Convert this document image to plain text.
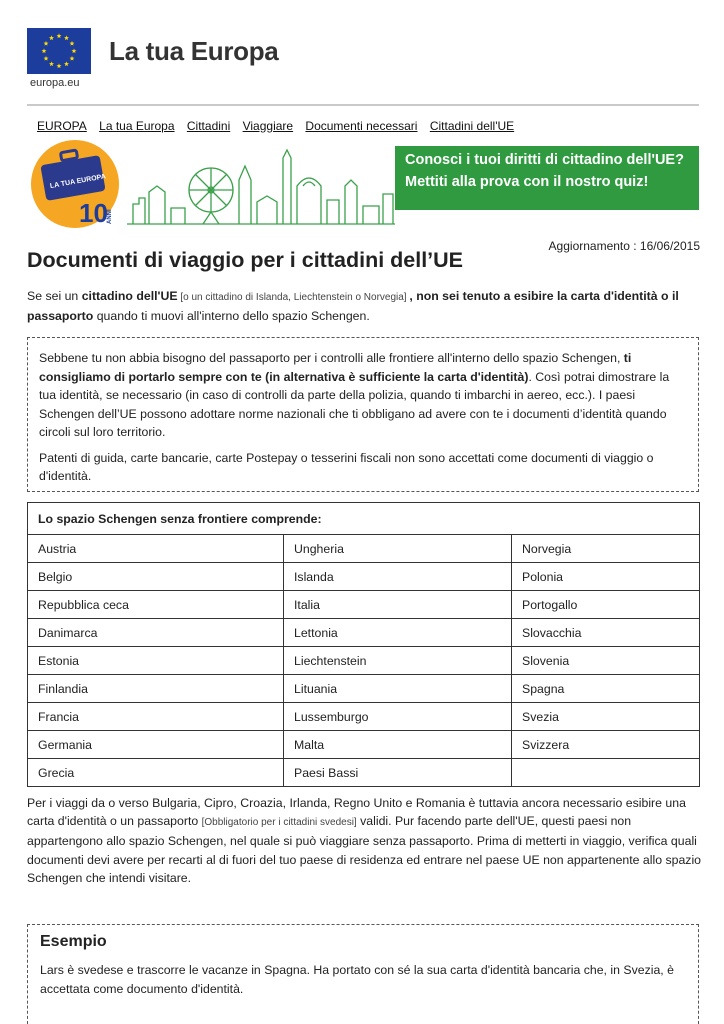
europa.eu
La tua Europa
EUROPA La tua Europa Cittadini Viaggiare Documenti necessari Cittadini dell'UE
LA TUA EUROPA
10 ANNI
Conosci i tuoi diritti di cittadino dell'UE?
Mettiti alla prova con il nostro quiz!
Aggiornamento : 16/06/2015
Documenti di viaggio per i cittadini dell’UE
Se sei un cittadino dell'UE [o un cittadino di Islanda, Liechtenstein o Norvegia] , non sei tenuto a esibire la carta d'identità o il passaporto quando ti muovi all'interno dello spazio Schengen.

Sebbene tu non abbia bisogno del passaporto per i controlli alle frontiere all'interno dello spazio Schengen, ti consigliamo di portarlo sempre con te (in alternativa è sufficiente la carta d'identità). Così potrai dimostrare la tua identità, se necessario (in caso di controlli da parte della polizia, quando ti imbarchi in aereo, ecc.). I paesi Schengen dell’UE possono adottare norme nazionali che ti obbligano ad avere con te i documenti d’identità quando circoli sul loro territorio.

Patenti di guida, carte bancarie, carte Postepay o tesserini fiscali non sono accettati come documenti di viaggio o d'identità.

Lo spazio Schengen senza frontiere comprende:		
Austria	Ungheria	Norvegia
Belgio	Islanda	Polonia
Repubblica ceca	Italia	Portogallo
Danimarca	Lettonia	Slovacchia
Estonia	Liechtenstein	Slovenia
Finlandia	Lituania	Spagna
Francia	Lussemburgo	Svezia
Germania	Malta	Svizzera
Grecia	Paesi Bassi	
Per i viaggi da o verso Bulgaria, Cipro, Croazia, Irlanda, Regno Unito e Romania è tuttavia ancora necessario esibire una carta d'identità o un passaporto [Obbligatorio per i cittadini svedesi] validi. Pur facendo parte dell'UE, questi paesi non appartengono allo spazio Schengen, nel quale si può viaggiare senza passaporto. Prima di metterti in viaggio, verifica quali documenti devi avere per recarti al di fuori del tuo paese di residenza ed entrare nel paese UE non appartenente allo spazio Schengen che intendi visitare.
Esempio

Lars è svedese e trascorre le vacanze in Spagna. Ha portato con sé la sua carta d'identità bancaria che, in Svezia, è accettata come documento d'identità.
